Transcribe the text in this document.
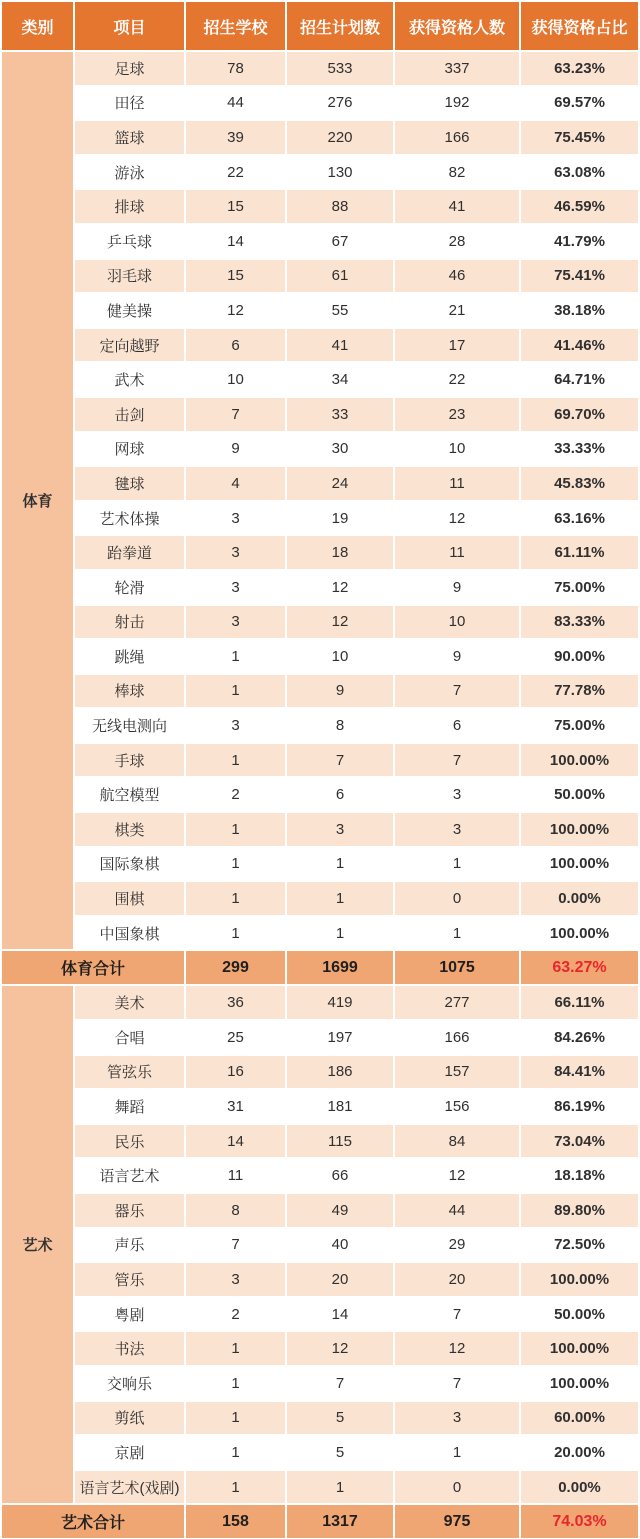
类别	项目	招生学校	招生计划数	获得资格人数	获得资格占比
体育	足球	78	533	337	63.23%
	田径	44	276	192	69.57%
	篮球	39	220	166	75.45%
	游泳	22	130	82	63.08%
	排球	15	88	41	46.59%
	乒乓球	14	67	28	41.79%
	羽毛球	15	61	46	75.41%
	健美操	12	55	21	38.18%
	定向越野	6	41	17	41.46%
	武术	10	34	22	64.71%
	击剑	7	33	23	69.70%
	网球	9	30	10	33.33%
	毽球	4	24	11	45.83%
	艺术体操	3	19	12	63.16%
	跆拳道	3	18	11	61.11%
	轮滑	3	12	9	75.00%
	射击	3	12	10	83.33%
	跳绳	1	10	9	90.00%
	棒球	1	9	7	77.78%
	无线电测向	3	8	6	75.00%
	手球	1	7	7	100.00%
	航空模型	2	6	3	50.00%
	棋类	1	3	3	100.00%
	国际象棋	1	1	1	100.00%
	围棋	1	1	0	0.00%
	中国象棋	1	1	1	100.00%
体育合计		299	1699	1075	63.27%
艺术	美术	36	419	277	66.11%
	合唱	25	197	166	84.26%
	管弦乐	16	186	157	84.41%
	舞蹈	31	181	156	86.19%
	民乐	14	115	84	73.04%
	语言艺术	11	66	12	18.18%
	器乐	8	49	44	89.80%
	声乐	7	40	29	72.50%
	管乐	3	20	20	100.00%
	粤剧	2	14	7	50.00%
	书法	1	12	12	100.00%
	交响乐	1	7	7	100.00%
	剪纸	1	5	3	60.00%
	京剧	1	5	1	20.00%
	语言艺术(戏剧)	1	1	0	0.00%
艺术合计		158	1317	975	74.03%
